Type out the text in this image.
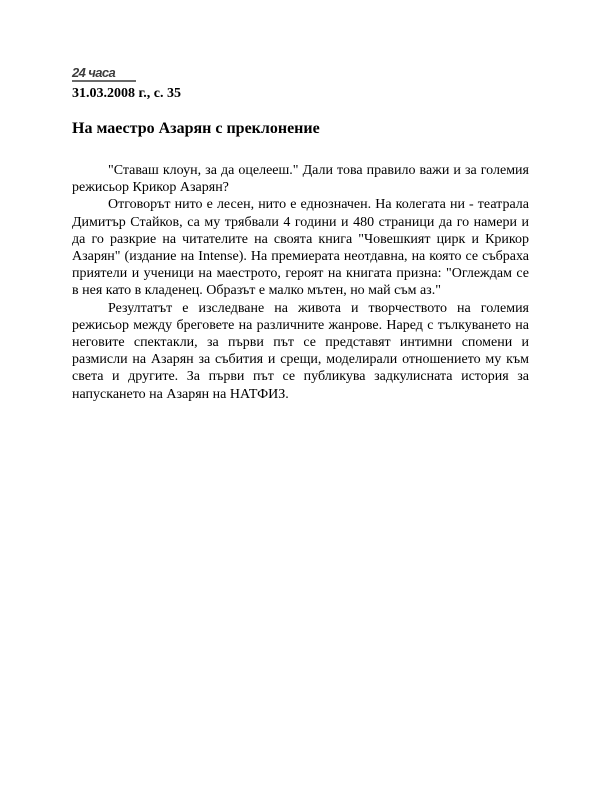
24 часа
31.03.2008 г., с. 35
На маестро Азарян с преклонение

"Ставаш клоун, за да оцелееш." Дали това правило важи и за големия режисьор Крикор Азарян?

Отговорът нито е лесен, нито е еднозначен. На колегата ни - театрала Димитър Стайков, са му трябвали 4 години и 480 страници да го намери и да го разкрие на читателите на своята книга "Човешкият цирк и Крикор Азарян" (издание на Intense). На премиерата неотдавна, на която се събраха приятели и ученици на маестрото, героят на книгата призна: "Оглеждам се в нея като в кладенец. Образът е малко мътен, но май съм аз."

Резултатът е изследване на живота и творчеството на големия режисьор между бреговете на различните жанрове. Наред с тълкуването на неговите спектакли, за първи път се представят интимни спомени и размисли на Азарян за събития и срещи, моделирали отношението му към света и другите. За първи път се публикува задкулисната история за напускането на Азарян на НАТФИЗ.
